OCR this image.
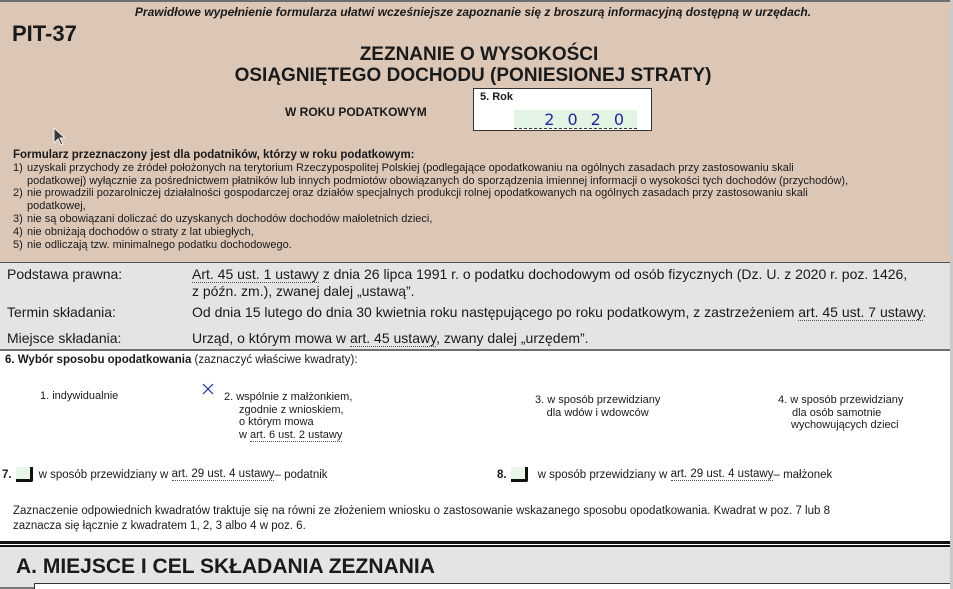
Prawidłowe wypełnienie formularza ułatwi wcześniejsze zapoznanie się z broszurą informacyjną dostępną w urzędach.
PIT-37
ZEZNANIE O WYSOKOŚCI
OSIĄGNIĘTEGO DOCHODU (PONIESIONEJ STRATY)
W ROKU PODATKOWYM
5. Rok
2020
Formularz przeznaczony jest dla podatników, którzy w roku podatkowym:
1) uzyskali przychody ze źródeł położonych na terytorium Rzeczypospolitej Polskiej (podlegające opodatkowaniu na ogólnych zasadach przy zastosowaniu skali
podatkowej) wyłącznie za pośrednictwem płatników lub innych podmiotów obowiązanych do sporządzenia imiennej informacji o wysokości tych dochodów (przychodów),
2) nie prowadzili pozarolniczej działalności gospodarczej oraz działów specjalnych produkcji rolnej opodatkowanych na ogólnych zasadach przy zastosowaniu skali
podatkowej,
3) nie są obowiązani doliczać do uzyskanych dochodów dochodów małoletnich dzieci,
4) nie obniżają dochodów o straty z lat ubiegłych,
5) nie odliczają tzw. minimalnego podatku dochodowego.
Podstawa prawna:	Art. 45 ust. 1 ustawy z dnia 26 lipca 1991 r. o podatku dochodowym od osób fizycznych (Dz. U. z 2020 r. poz. 1426,
z późn. zm.), zwanej dalej „ustawą”.
Termin składania:	Od dnia 15 lutego do dnia 30 kwietnia roku następującego po roku podatkowym, z zastrzeżeniem art. 45 ust. 7 ustawy.
Miejsce składania:	Urząd, o którym mowa w art. 45 ustawy, zwany dalej „urzędem”.
6. Wybór sposobu opodatkowania (zaznaczyć właściwe kwadraty):
1. indywidualnie	2. wspólnie z małżonkiem,
zgodnie z wnioskiem,
o którym mowa
w art. 6 ust. 2 ustawy
3. w sposób przewidziany
dla wdów i wdowców
4. w sposób przewidziany
dla osób samotnie
wychowujących dzieci
7. w sposób przewidziany w
art. 29 ust. 4 ustawy – podatnik	8.	w sposób przewidziany w
art. 29 ust. 4 ustawy – małżonek
Zaznaczenie odpowiednich kwadratów traktuje się na równi ze złożeniem wniosku o zastosowanie wskazanego sposobu opodatkowania. Kwadrat w poz. 7 lub 8
zaznacza się łącznie z kwadratem 1, 2, 3 albo 4 w poz. 6.
A. MIEJSCE I CEL SKŁADANIA ZEZNANIA
